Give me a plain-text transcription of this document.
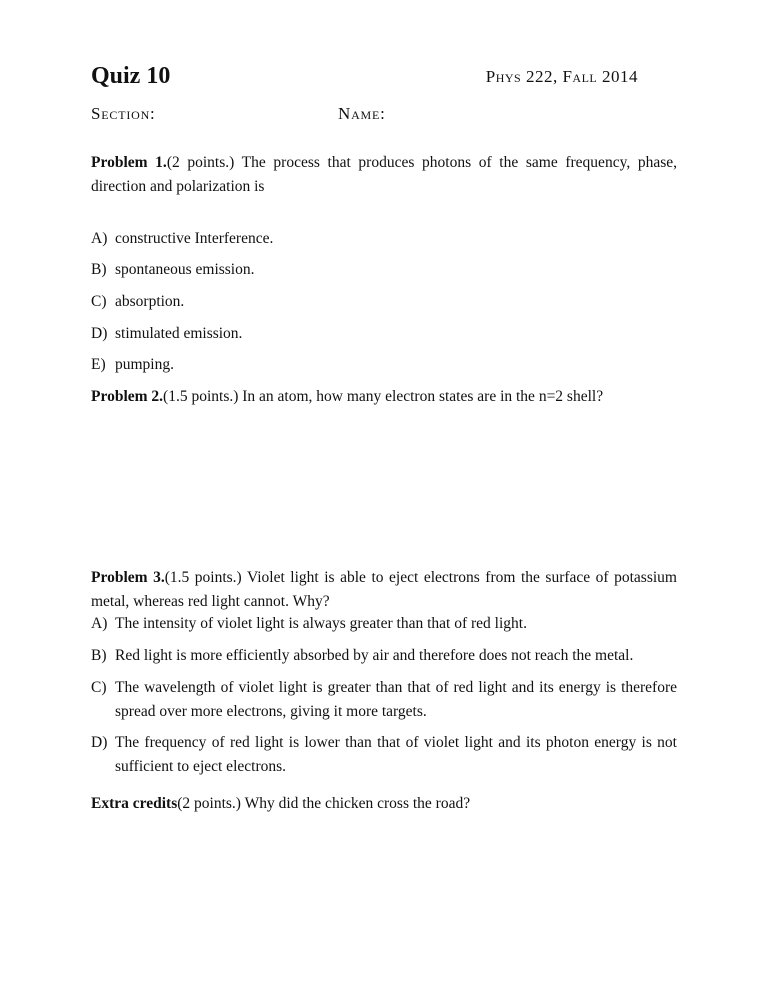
Quiz 10	Phys 222, Fall 2014
Section:	Name:

Problem 1.(2 points.) The process that produces photons of the same frequency, phase, direction and polarization is

A) constructive Interference.
B) spontaneous emission.
C) absorption.
D) stimulated emission.
E) pumping.

Problem 2.(1.5 points.) In an atom, how many electron states are in the n=2 shell?

Problem 3.(1.5 points.) Violet light is able to eject electrons from the surface of potassium metal, whereas red light cannot. Why?

A) The intensity of violet light is always greater than that of red light.
B) Red light is more efficiently absorbed by air and therefore does not reach the metal.
C) The wavelength of violet light is greater than that of red light and its energy is therefore spread over more electrons, giving it more targets.
D) The frequency of red light is lower than that of violet light and its photon energy is not sufficient to eject electrons.

Extra credits(2 points.) Why did the chicken cross the road?
